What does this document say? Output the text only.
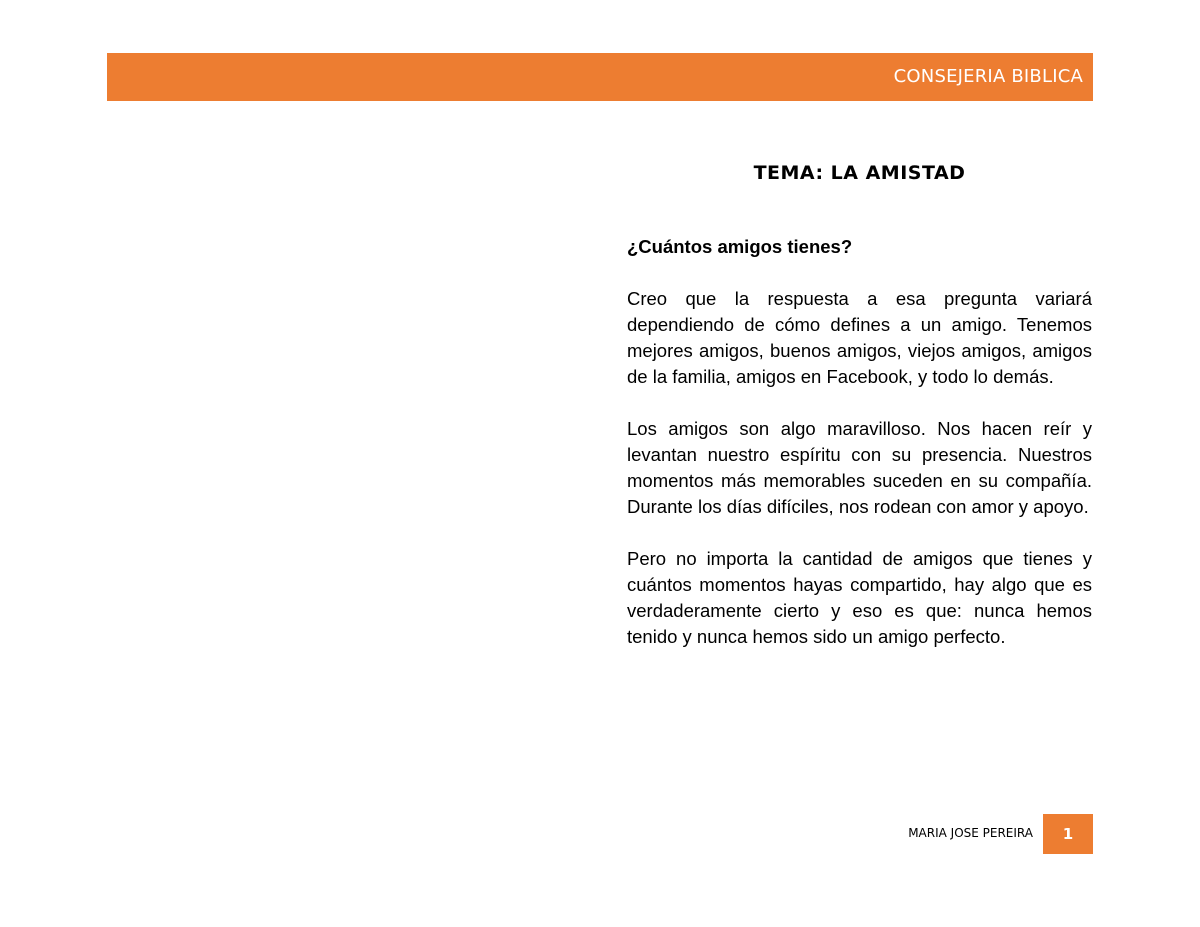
CONSEJERIA BIBLICA
TEMA: LA AMISTAD

¿Cuántos amigos tienes?

Creo que la respuesta a esa pregunta variará dependiendo de cómo defines a un amigo. Tenemos mejores amigos, buenos amigos, viejos amigos, amigos de la familia, amigos en Facebook, y todo lo demás.

Los amigos son algo maravilloso. Nos hacen reír y levantan nuestro espíritu con su presencia. Nuestros momentos más memorables suceden en su compañía. Durante los días difíciles, nos rodean con amor y apoyo.

Pero no importa la cantidad de amigos que tienes y cuántos momentos hayas compartido, hay algo que es verdaderamente cierto y eso es que: nunca hemos tenido y nunca hemos sido un amigo perfecto.

MARIA JOSE PEREIRA 1
